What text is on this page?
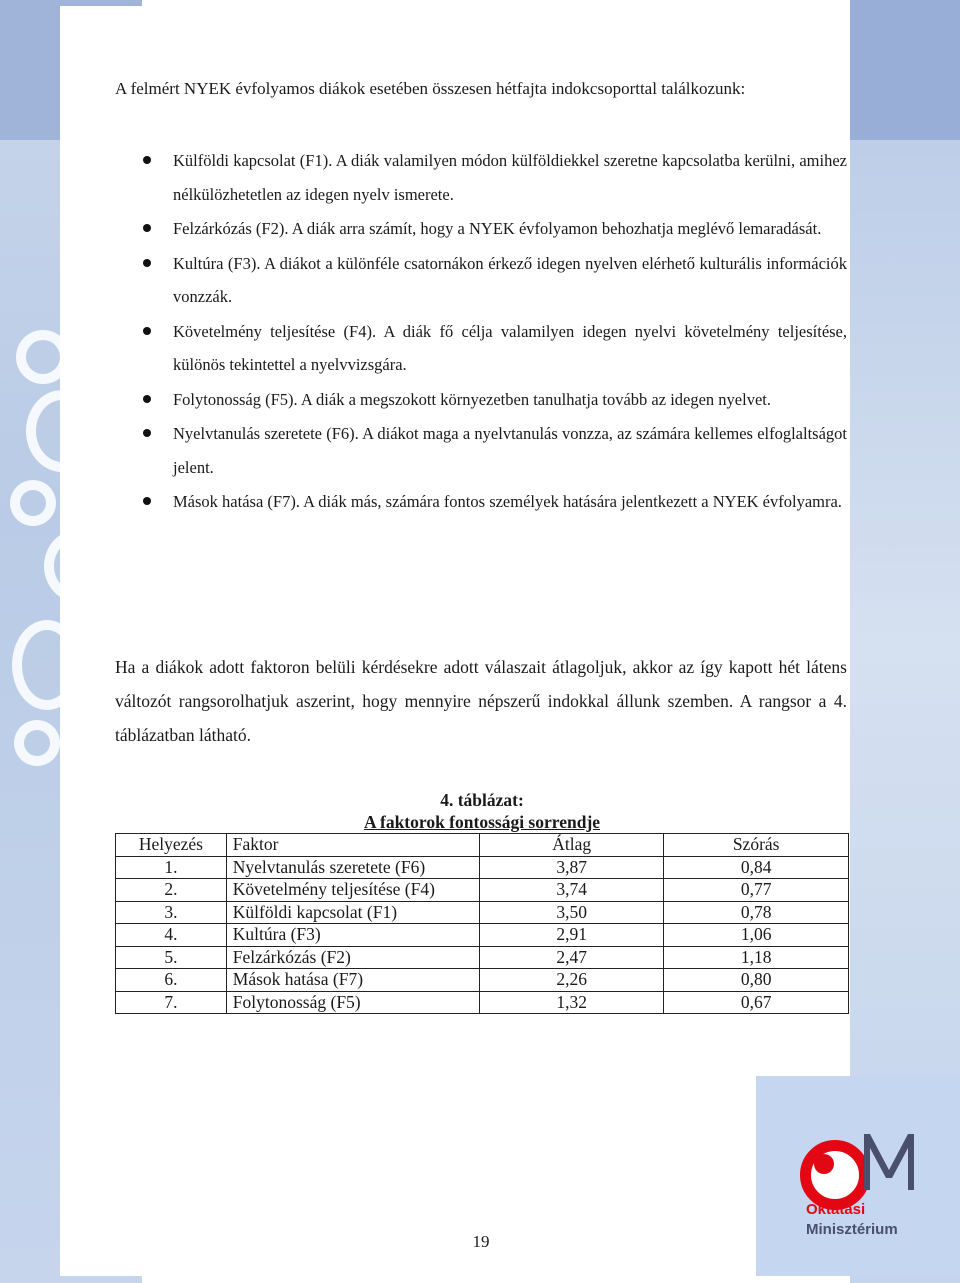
A felmért NYEK évfolyamos diákok esetében összesen hétfajta indokcsoporttal találkozunk:
Külföldi kapcsolat (F1). A diák valamilyen módon külföldiekkel szeretne kapcsolatba kerülni, amihez nélkülözhetetlen az idegen nyelv ismerete.
Felzárkózás (F2). A diák arra számít, hogy a NYEK évfolyamon behozhatja meglévő lemaradását.
Kultúra (F3). A diákot a különféle csatornákon érkező idegen nyelven elérhető kulturális információk vonzzák.
Követelmény teljesítése (F4). A diák fő célja valamilyen idegen nyelvi követelmény teljesítése, különös tekintettel a nyelvvizsgára.
Folytonosság (F5). A diák a megszokott környezetben tanulhatja tovább az idegen nyelvet.
Nyelvtanulás szeretete (F6). A diákot maga a nyelvtanulás vonzza, az számára kellemes elfoglaltságot jelent.
Mások hatása (F7). A diák más, számára fontos személyek hatására jelentkezett a NYEK évfolyamra.
Ha a diákok adott faktoron belüli kérdésekre adott válaszait átlagoljuk, akkor az így kapott hét látens változót rangsorolhatjuk aszerint, hogy mennyire népszerű indokkal állunk szemben. A rangsor a 4. táblázatban látható.
4. táblázat:
A faktorok fontossági sorrendje
Helyezés	Faktor	Átlag	Szórás
1.	Nyelvtanulás szeretete (F6)	3,87	0,84
2.	Követelmény teljesítése (F4)	3,74	0,77
3.	Külföldi kapcsolat (F1)	3,50	0,78
4.	Kultúra (F3)	2,91	1,06
5.	Felzárkózás (F2)	2,47	1,18
6.	Mások hatása (F7)	2,26	0,80
7.	Folytonosság (F5)	1,32	0,67
Oktatási
Minisztérium
19
